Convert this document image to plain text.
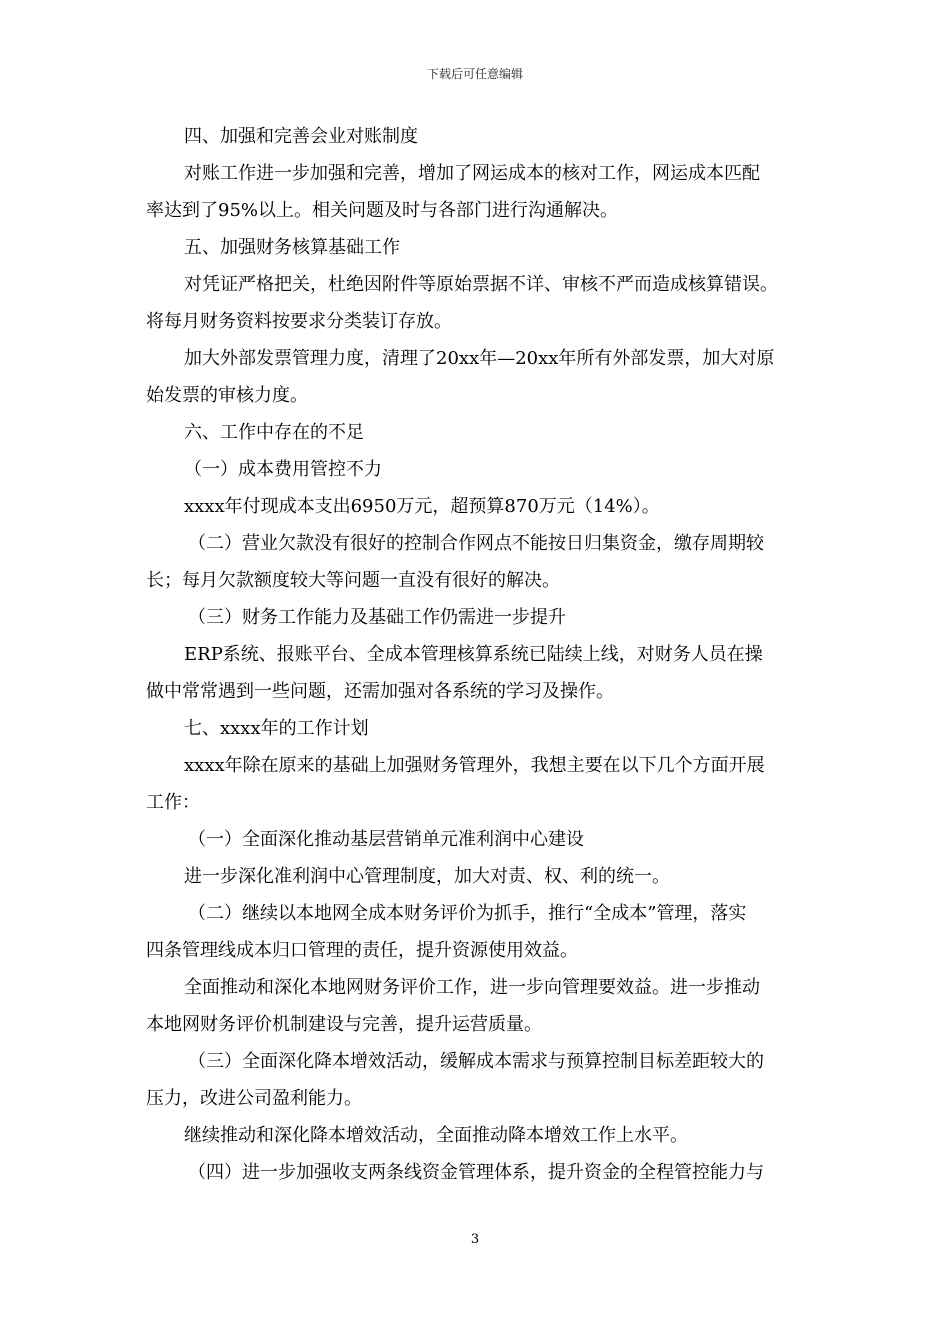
下载后可任意编辑
四、加强和完善会业对账制度
对账工作进一步加强和完善，增加了网运成本的核对工作，网运成本匹配
率达到了95%以上。相关问题及时与各部门进行沟通解决。
五、加强财务核算基础工作
对凭证严格把关，杜绝因附件等原始票据不详、审核不严而造成核算错误。
将每月财务资料按要求分类装订存放。
加大外部发票管理力度，清理了20xx年—20xx年所有外部发票，加大对原
始发票的审核力度。
六、工作中存在的不足
（一）成本费用管控不力
xxxx年付现成本支出6950万元，超预算870万元（14%）。
（二）营业欠款没有很好的控制合作网点不能按日归集资金，缴存周期较
长；每月欠款额度较大等问题一直没有很好的解决。
（三）财务工作能力及基础工作仍需进一步提升
ERP系统、报账平台、全成本管理核算系统已陆续上线，对财务人员在操
做中常常遇到一些问题，还需加强对各系统的学习及操作。
七、xxxx年的工作计划
xxxx年除在原来的基础上加强财务管理外，我想主要在以下几个方面开展
工作：
（一）全面深化推动基层营销单元准利润中心建设
进一步深化准利润中心管理制度，加大对责、权、利的统一。
（二）继续以本地网全成本财务评价为抓手，推行“全成本”管理，落实
四条管理线成本归口管理的责任，提升资源使用效益。
全面推动和深化本地网财务评价工作，进一步向管理要效益。进一步推动
本地网财务评价机制建设与完善，提升运营质量。
（三）全面深化降本增效活动，缓解成本需求与预算控制目标差距较大的
压力，改进公司盈利能力。
继续推动和深化降本增效活动，全面推动降本增效工作上水平。
（四）进一步加强收支两条线资金管理体系，提升资金的全程管控能力与
3
